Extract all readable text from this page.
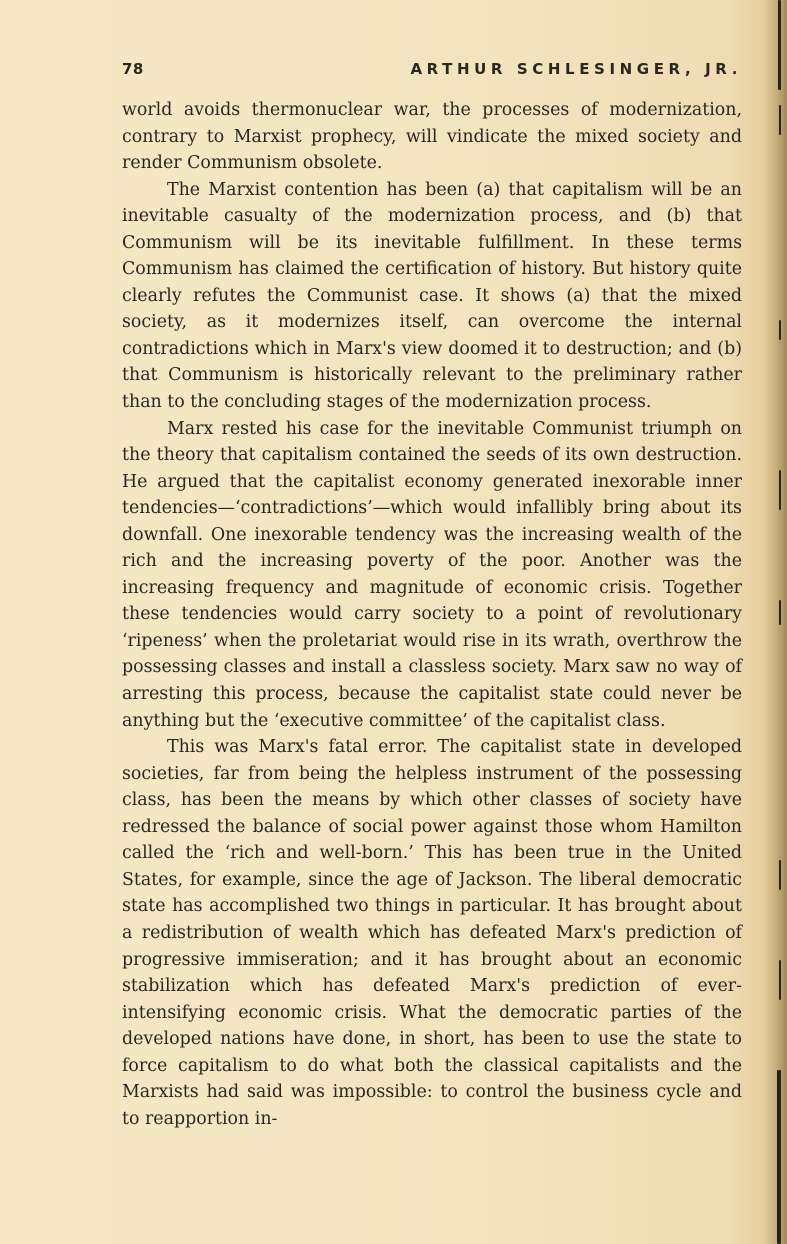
78	ARTHUR SCHLESINGER, JR.

world avoids thermonuclear war, the processes of modernization, contrary to Marxist prophecy, will vindicate the mixed society and render Communism obsolete.

The Marxist contention has been (a) that capitalism will be an inevitable casualty of the modernization process, and (b) that Communism will be its inevitable fulfillment. In these terms Communism has claimed the certification of history. But history quite clearly refutes the Communist case. It shows (a) that the mixed society, as it modernizes itself, can overcome the internal contradictions which in Marx's view doomed it to destruction; and (b) that Communism is historically relevant to the preliminary rather than to the concluding stages of the modernization process.

Marx rested his case for the inevitable Communist triumph on the theory that capitalism contained the seeds of its own destruction. He argued that the capitalist economy generated inexorable inner tendencies—‘contradictions’—which would infallibly bring about its downfall. One inexorable tendency was the increasing wealth of the rich and the increasing poverty of the poor. Another was the increasing frequency and magnitude of economic crisis. Together these tendencies would carry society to a point of revolutionary ‘ripeness’ when the proletariat would rise in its wrath, overthrow the possessing classes and install a classless society. Marx saw no way of arresting this process, because the capitalist state could never be anything but the ‘executive committee’ of the capitalist class.

This was Marx's fatal error. The capitalist state in developed societies, far from being the helpless instrument of the possessing class, has been the means by which other classes of society have redressed the balance of social power against those whom Hamilton called the ‘rich and well-born.’ This has been true in the United States, for example, since the age of Jackson. The liberal democratic state has accomplished two things in particular. It has brought about a redistribution of wealth which has defeated Marx's prediction of progressive immiseration; and it has brought about an economic stabilization which has defeated Marx's prediction of ever-intensifying economic crisis. What the democratic parties of the developed nations have done, in short, has been to use the state to force capitalism to do what both the classical capitalists and the Marxists had said was impossible: to control the business cycle and to reapportion in-
